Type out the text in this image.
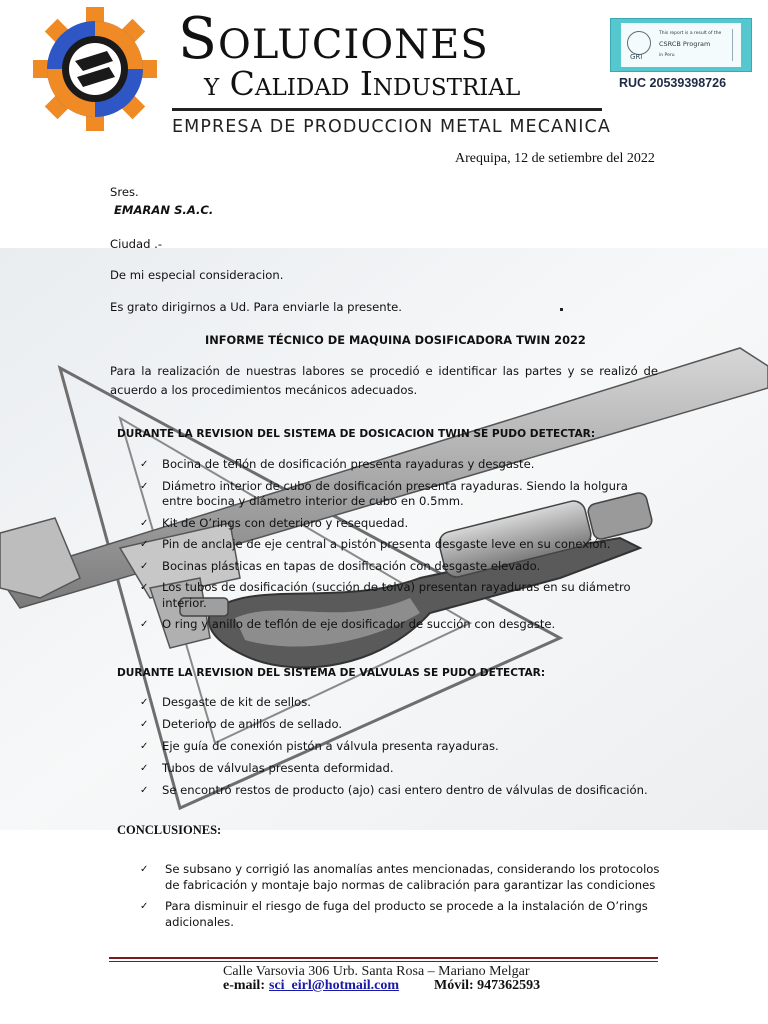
Soluciones
y Calidad Industrial
EMPRESA DE PRODUCCION METAL MECANICA
GRI
This report is a result of the
CSRCB Program
in Peru
RUC 20539398726
Arequipa, 12 de setiembre del 2022
Sres.
EMARAN S.A.C.
Ciudad .-
De mi especial consideracion.
Es grato dirigirnos a Ud. Para enviarle la presente.
INFORME TÉCNICO DE MAQUINA DOSIFICADORA TWIN 2022
Para la realización de nuestras labores se procedió e identificar las partes y se realizó de acuerdo a los procedimientos mecánicos adecuados.
DURANTE LA REVISION DEL SISTEMA DE DOSICACION TWIN SE PUDO DETECTAR:
✓ Bocina de teflón de dosificación presenta rayaduras y desgaste.
✓ Diámetro interior de cubo de dosificación presenta rayaduras. Siendo la holgura entre bocina y diámetro interior de cubo en 0.5mm.
✓ Kit de O’rings con deterioro y resequedad.
✓ Pin de anclaje de eje central a pistón presenta desgaste leve en su conexión.
✓ Bocinas plásticas en tapas de dosificación con desgaste elevado.
✓ Los tubos de dosificación (succión de tolva) presentan rayaduras en su diámetro interior.
✓ O ring y anillo de teflón de eje dosificador de succión con desgaste.
DURANTE LA REVISION DEL SISTEMA DE VALVULAS SE PUDO DETECTAR:
✓ Desgaste de kit de sellos.
✓ Deterioro de anillos de sellado.
✓ Eje guía de conexión pistón a válvula presenta rayaduras.
✓ Tubos de válvulas presenta deformidad.
✓ Se encontró restos de producto (ajo) casi entero dentro de válvulas de dosificación.
CONCLUSIONES:
✓ Se subsano y corrigió las anomalías antes mencionadas, considerando los protocolos de fabricación y montaje bajo normas de calibración para garantizar las condiciones
✓ Para disminuir el riesgo de fuga del producto se procede a la instalación de O’rings adicionales.
Calle Varsovia 306 Urb. Santa Rosa – Mariano Melgar
e-mail: sci_eirl@hotmail.com Móvil: 947362593
